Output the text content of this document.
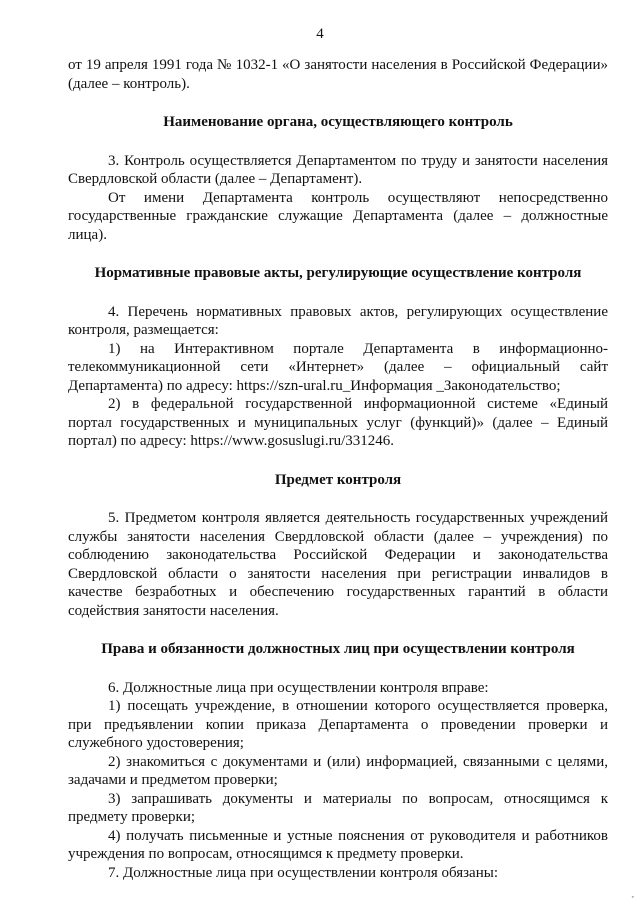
4

от 19 апреля 1991 года № 1032-1 «О занятости населения в Российской Федерации» (далее – контроль).

Наименование органа, осуществляющего контроль

3. Контроль осуществляется Департаментом по труду и занятости населения Свердловской области (далее – Департамент).

От имени Департамента контроль осуществляют непосредственно государственные гражданские служащие Департамента (далее – должностные лица).

Нормативные правовые акты, регулирующие осуществление контроля

4. Перечень нормативных правовых актов, регулирующих осуществление контроля, размещается:

1) на Интерактивном портале Департамента в информационно-телекоммуникационной сети «Интернет» (далее – официальный сайт Департамента) по адресу: https://szn-ural.ru_Информация _Законодательство;

2) в федеральной государственной информационной системе «Единый портал государственных и муниципальных услуг (функций)» (далее – Единый портал) по адресу: https://www.gosuslugi.ru/331246.

Предмет контроля

5. Предметом контроля является деятельность государственных учреждений службы занятости населения Свердловской области (далее – учреждения) по соблюдению законодательства Российской Федерации и законодательства Свердловской области о занятости населения при регистрации инвалидов в качестве безработных и обеспечению государственных гарантий в области содействия занятости населения.

Права и обязанности должностных лиц при осуществлении контроля

6. Должностные лица при осуществлении контроля вправе:

1) посещать учреждение, в отношении которого осуществляется проверка, при предъявлении копии приказа Департамента о проведении проверки и служебного удостоверения;

2) знакомиться с документами и (или) информацией, связанными с целями, задачами и предметом проверки;

3) запрашивать документы и материалы по вопросам, относящимся к предмету проверки;

4) получать письменные и устные пояснения от руководителя и работников учреждения по вопросам, относящимся к предмету проверки.

7. Должностные лица при осуществлении контроля обязаны:

▪
